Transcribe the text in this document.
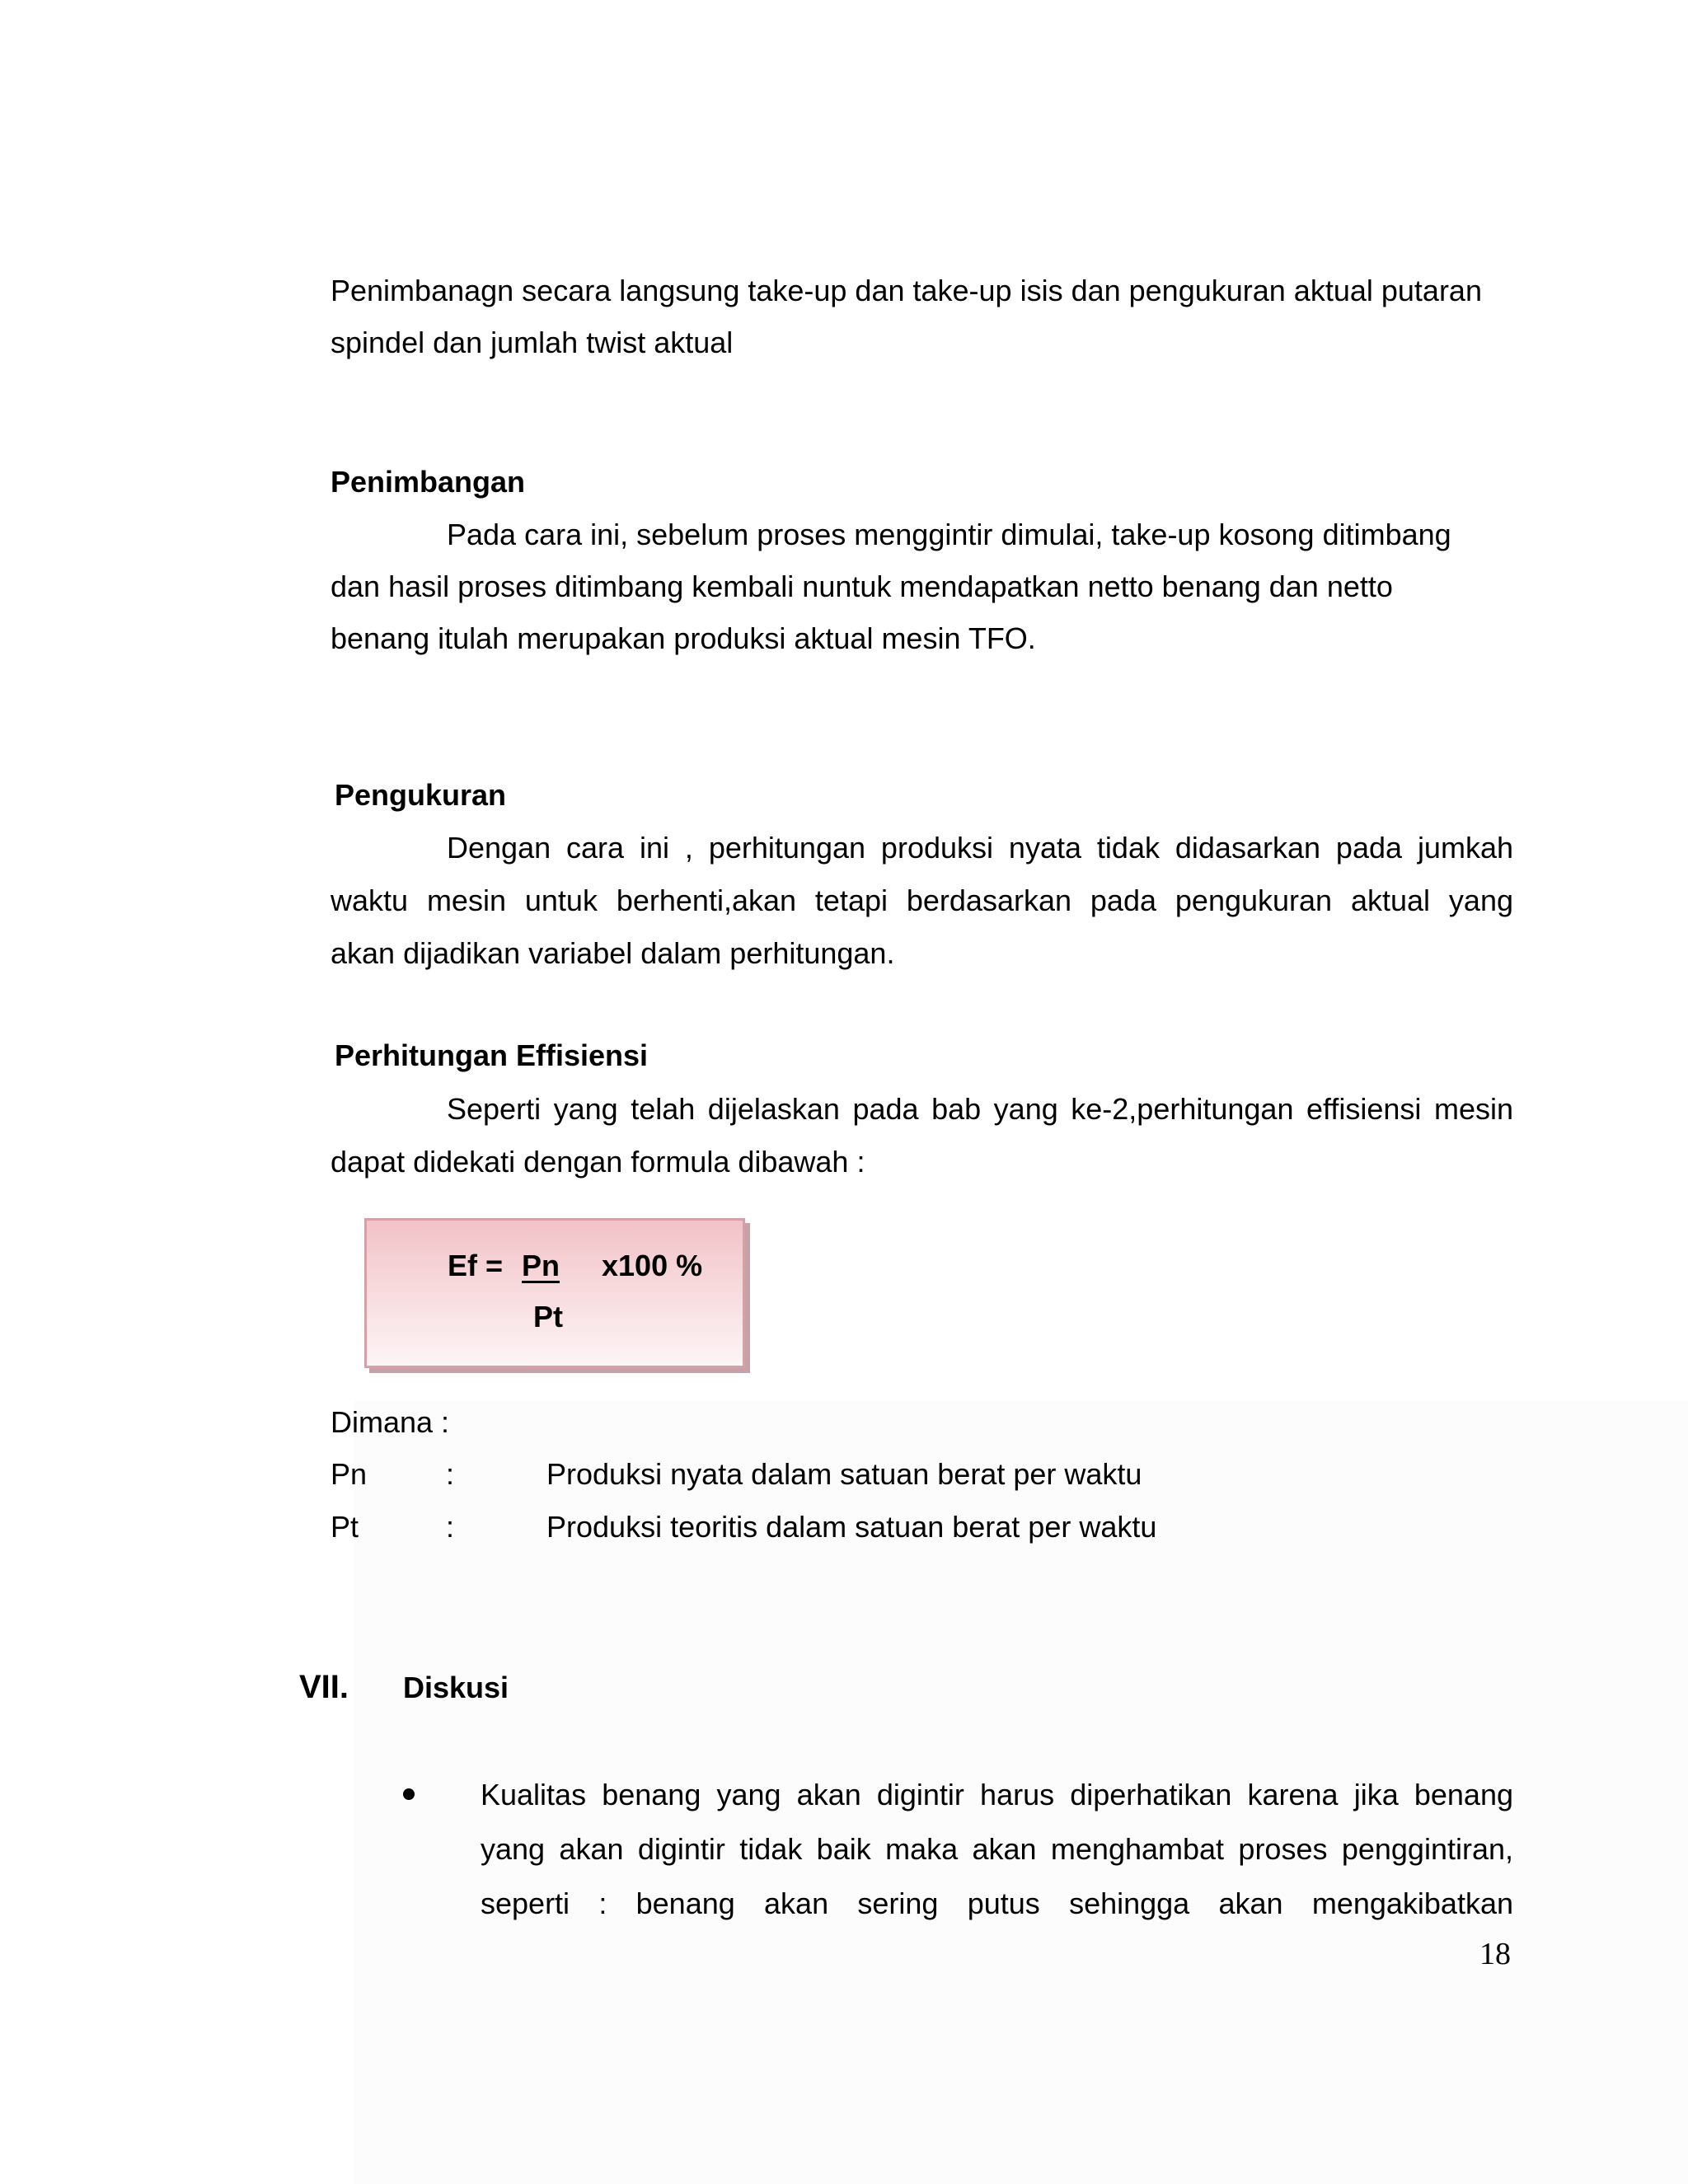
Penimbanagn secara langsung take-up dan take-up isis dan pengukuran aktual putaran
spindel dan jumlah twist aktual
Penimbangan
Pada cara ini, sebelum proses menggintir dimulai, take-up kosong ditimbang
dan hasil proses ditimbang kembali nuntuk mendapatkan netto benang dan netto
benang itulah merupakan produksi aktual mesin TFO.
Pengukuran
Dengan cara ini , perhitungan produksi nyata tidak didasarkan pada jumkah
waktu mesin untuk berhenti,akan tetapi berdasarkan pada pengukuran aktual yang
akan dijadikan variabel dalam perhitungan.
Perhitungan Effisiensi
Seperti yang telah dijelaskan pada bab yang ke-2,perhitungan effisiensi mesin
dapat didekati dengan formula dibawah :
Ef = Pn	x100 %
Pt
Dimana :
Pn	:	Produksi nyata dalam satuan berat per waktu
Pt	:	Produksi teoritis dalam satuan berat per waktu
VII. Diskusi
Kualitas benang yang akan digintir harus diperhatikan karena jika benang
yang akan digintir tidak baik maka akan menghambat proses penggintiran,
seperti : benang akan sering putus sehingga akan mengakibatkan
18
